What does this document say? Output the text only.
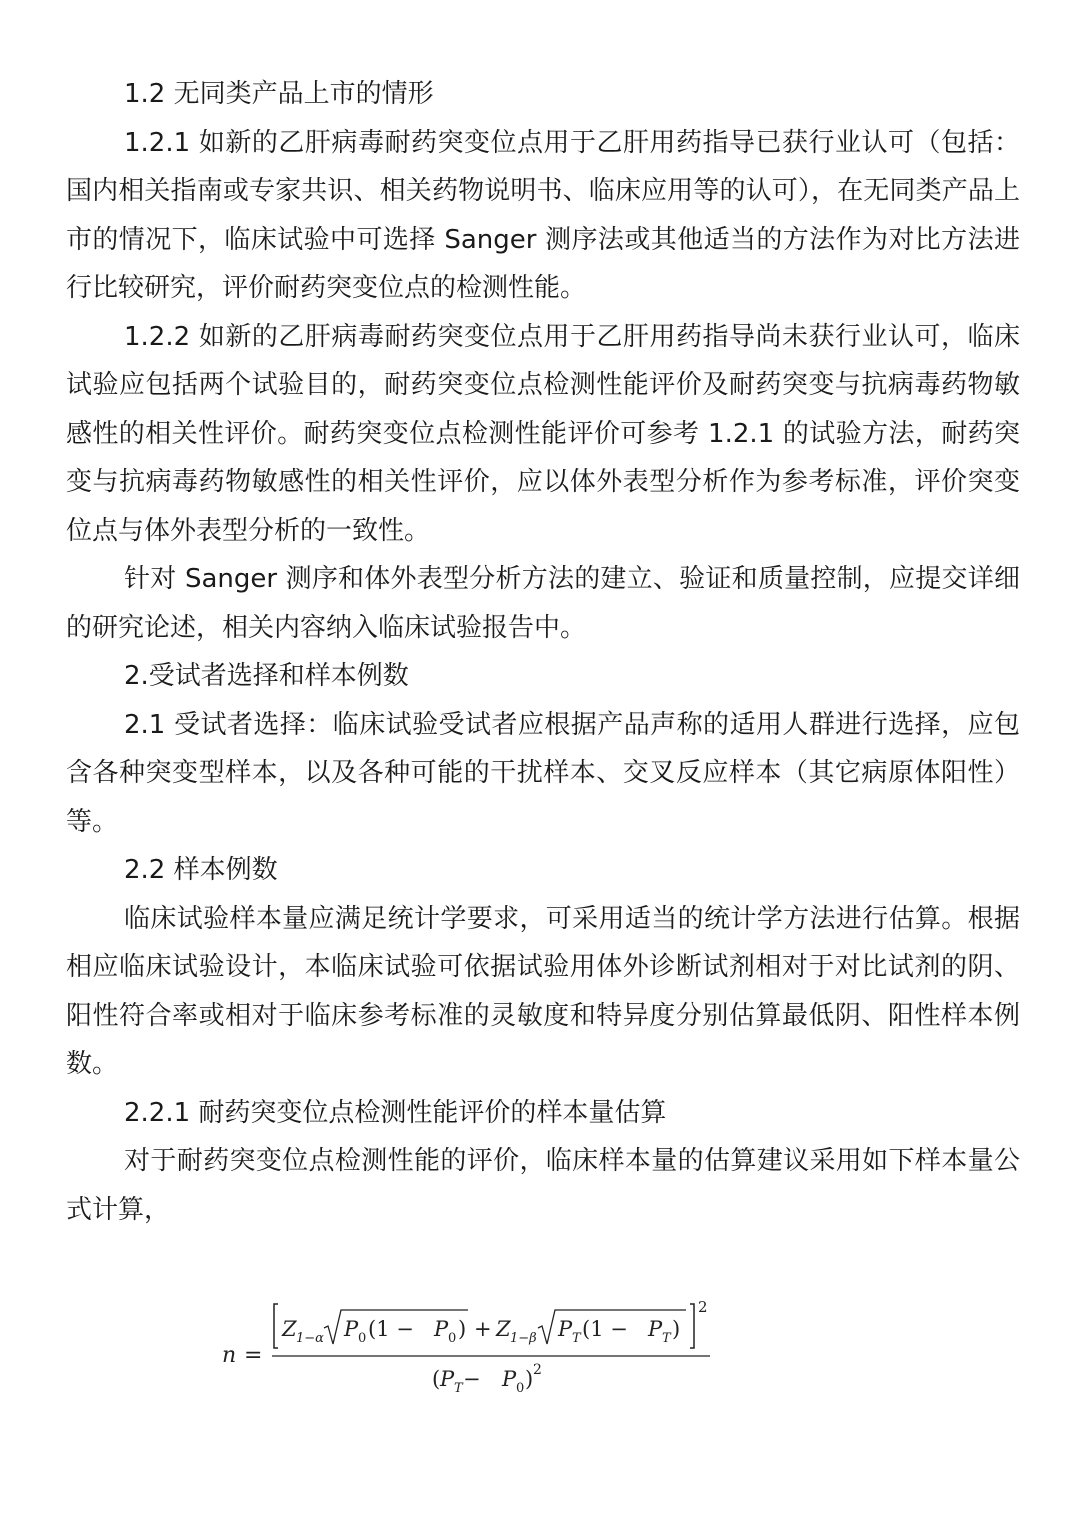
1.2 无同类产品上市的情形

1.2.1 如新的乙肝病毒耐药突变位点用于乙肝用药指导已获行业认可（包括：国内相关指南或专家共识、相关药物说明书、临床应用等的认可），在无同类产品上市的情况下，临床试验中可选择 Sanger 测序法或其他适当的方法作为对比方法进行比较研究，评价耐药突变位点的检测性能。

1.2.2 如新的乙肝病毒耐药突变位点用于乙肝用药指导尚未获行业认可，临床试验应包括两个试验目的，耐药突变位点检测性能评价及耐药突变与抗病毒药物敏感性的相关性评价。耐药突变位点检测性能评价可参考 1.2.1 的试验方法，耐药突变与抗病毒药物敏感性的相关性评价，应以体外表型分析作为参考标准，评价突变位点与体外表型分析的一致性。

针对 Sanger 测序和体外表型分析方法的建立、验证和质量控制，应提交详细的研究论述，相关内容纳入临床试验报告中。

2.受试者选择和样本例数

2.1 受试者选择：临床试验受试者应根据产品声称的适用人群进行选择，应包含各种突变型样本，以及各种可能的干扰样本、交叉反应样本（其它病原体阳性）等。

2.2 样本例数

临床试验样本量应满足统计学要求，可采用适当的统计学方法进行估算。根据相应临床试验设计，本临床试验可依据试验用体外诊断试剂相对于对比试剂的阴、阳性符合率或相对于临床参考标准的灵敏度和特异度分别估算最低阴、阳性样本例数。

2.2.1 耐药突变位点检测性能评价的样本量估算

对于耐药突变位点检测性能的评价，临床样本量的估算建议采用如下样本量公式计算，

n =
2
Z 1−α P 0 (1 − P 0 ) + Z 1−β P T (1 − P T )
( P T − P 0 ) 2
